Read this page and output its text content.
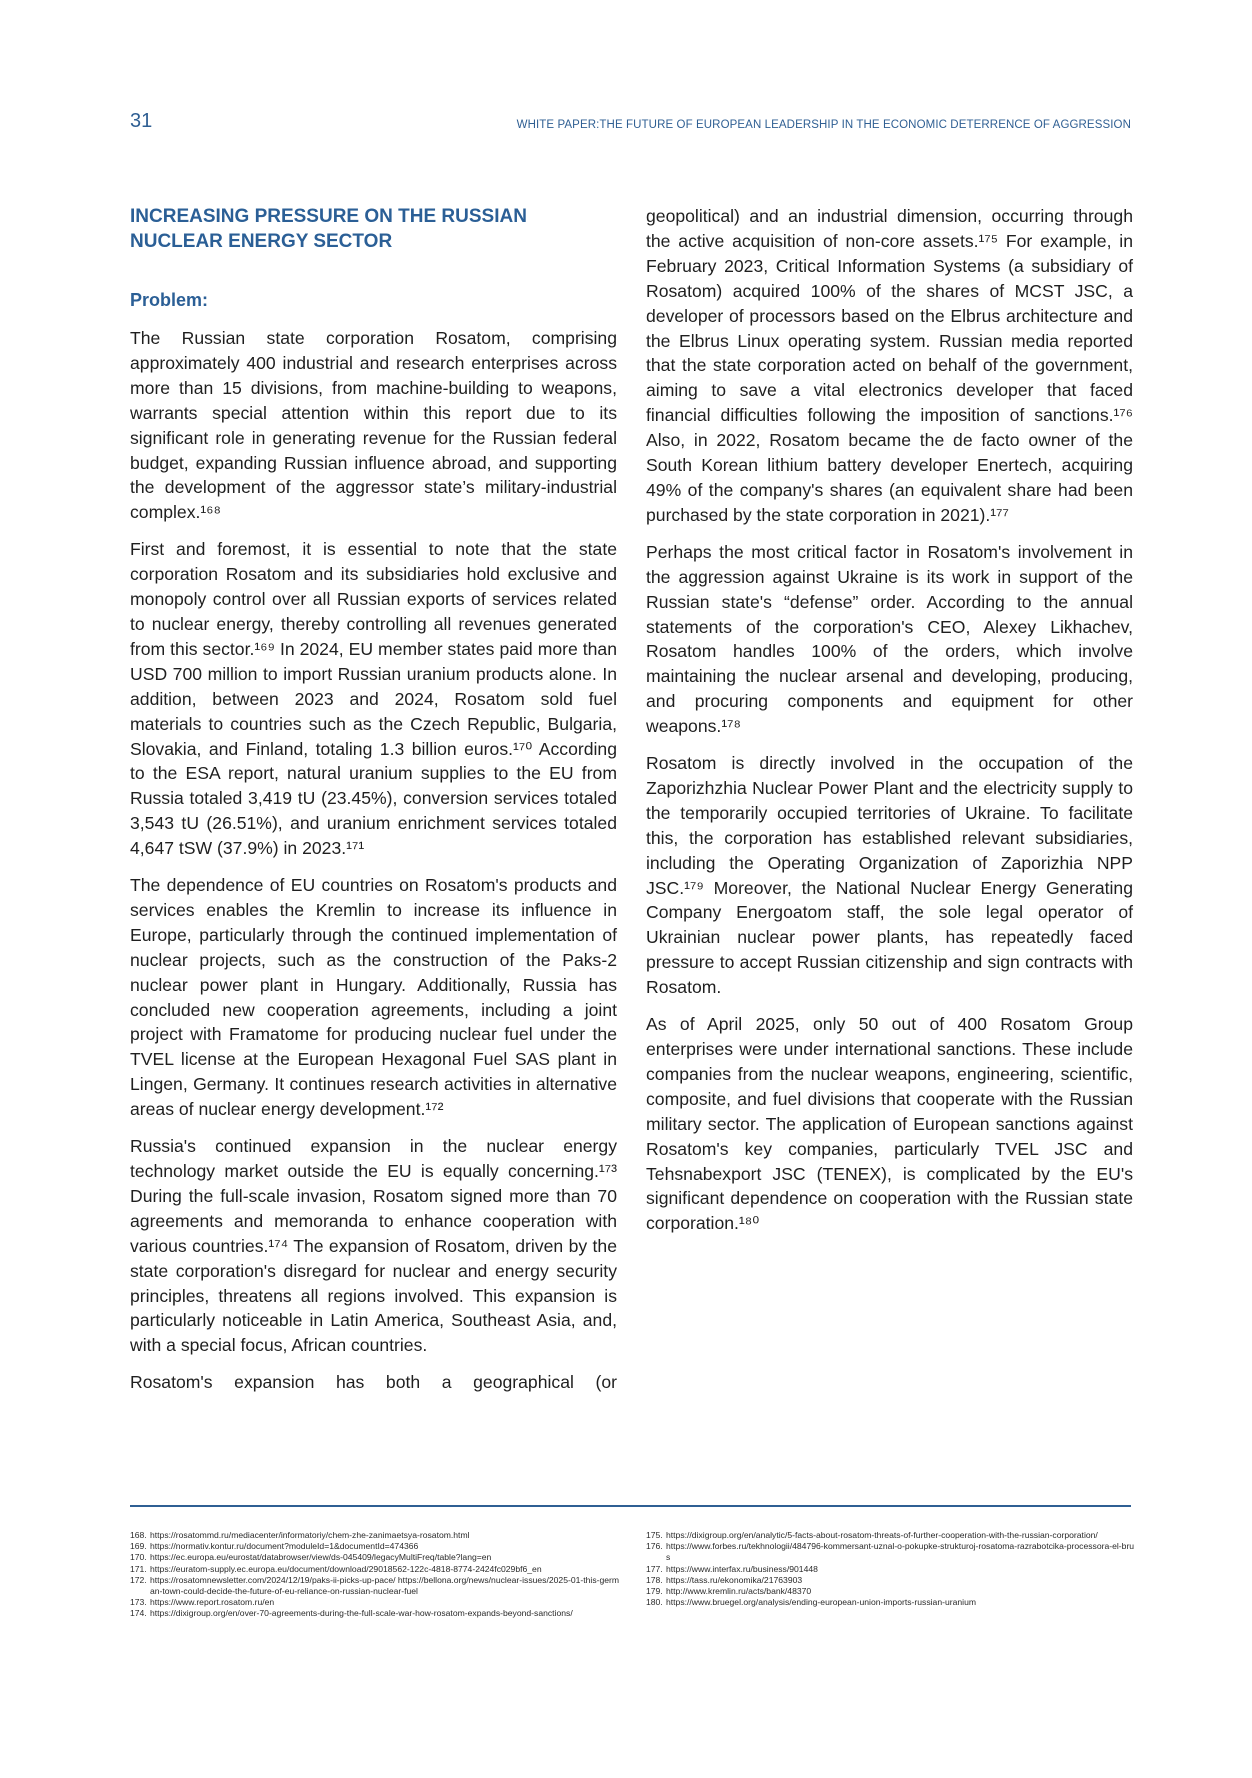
31	WHITE PAPER:THE FUTURE OF EUROPEAN LEADERSHIP IN THE ECONOMIC DETERRENCE OF AGGRESSION
INCREASING PRESSURE ON THE RUSSIAN NUCLEAR ENERGY SECTOR
Problem:

The Russian state corporation Rosatom, comprising approximately 400 industrial and research enterprises across more than 15 divisions, from machine-building to weapons, warrants special attention within this report due to its significant role in generating revenue for the Russian federal budget, expanding Russian influence abroad, and supporting the development of the aggressor state’s military-industrial complex.¹⁶⁸

First and foremost, it is essential to note that the state corporation Rosatom and its subsidiaries hold exclusive and monopoly control over all Russian exports of services related to nuclear energy, thereby controlling all revenues generated from this sector.¹⁶⁹ In 2024, EU member states paid more than USD 700 million to import Russian uranium products alone. In addition, between 2023 and 2024, Rosatom sold fuel materials to countries such as the Czech Republic, Bulgaria, Slovakia, and Finland, totaling 1.3 billion euros.¹⁷⁰ According to the ESA report, natural uranium supplies to the EU from Russia totaled 3,419 tU (23.45%), conversion services totaled 3,543 tU (26.51%), and uranium enrichment services totaled 4,647 tSW (37.9%) in 2023.¹⁷¹

The dependence of EU countries on Rosatom's products and services enables the Kremlin to increase its influence in Europe, particularly through the continued implementation of nuclear projects, such as the construction of the Paks-2 nuclear power plant in Hungary. Additionally, Russia has concluded new cooperation agreements, including a joint project with Framatome for producing nuclear fuel under the TVEL license at the European Hexagonal Fuel SAS plant in Lingen, Germany. It continues research activities in alternative areas of nuclear energy development.¹⁷²

Russia's continued expansion in the nuclear energy technology market outside the EU is equally concerning.¹⁷³ During the full-scale invasion, Rosatom signed more than 70 agreements and memoranda to enhance cooperation with various countries.¹⁷⁴ The expansion of Rosatom, driven by the state corporation's disregard for nuclear and energy security principles, threatens all regions involved. This expansion is particularly noticeable in Latin America, Southeast Asia, and, with a special focus, African countries.

Rosatom's expansion has both a geographical (or

geopolitical) and an industrial dimension, occurring through the active acquisition of non-core assets.¹⁷⁵ For example, in February 2023, Critical Information Systems (a subsidiary of Rosatom) acquired 100% of the shares of MCST JSC, a developer of processors based on the Elbrus architecture and the Elbrus Linux operating system. Russian media reported that the state corporation acted on behalf of the government, aiming to save a vital electronics developer that faced financial difficulties following the imposition of sanctions.¹⁷⁶ Also, in 2022, Rosatom became the de facto owner of the South Korean lithium battery developer Enertech, acquiring 49% of the company's shares (an equivalent share had been purchased by the state corporation in 2021).¹⁷⁷

Perhaps the most critical factor in Rosatom's involvement in the aggression against Ukraine is its work in support of the Russian state's “defense” order. According to the annual statements of the corporation's CEO, Alexey Likhachev, Rosatom handles 100% of the orders, which involve maintaining the nuclear arsenal and developing, producing, and procuring components and equipment for other weapons.¹⁷⁸

Rosatom is directly involved in the occupation of the Zaporizhzhia Nuclear Power Plant and the electricity supply to the temporarily occupied territories of Ukraine. To facilitate this, the corporation has established relevant subsidiaries, including the Operating Organization of Zaporizhia NPP JSC.¹⁷⁹ Moreover, the National Nuclear Energy Generating Company Energoatom staff, the sole legal operator of Ukrainian nuclear power plants, has repeatedly faced pressure to accept Russian citizenship and sign contracts with Rosatom.

As of April 2025, only 50 out of 400 Rosatom Group enterprises were under international sanctions. These include companies from the nuclear weapons, engineering, scientific, composite, and fuel divisions that cooperate with the Russian military sector. The application of European sanctions against Rosatom's key companies, particularly TVEL JSC and Tehsnabexport JSC (TENEX), is complicated by the EU's significant dependence on cooperation with the Russian state corporation.¹⁸⁰

168. https://rosatommd.ru/mediacenter/informatoriy/chem-zhe-zanimaetsya-rosatom.html
169. https://normativ.kontur.ru/document?moduleId=1&documentId=474366
170. https://ec.europa.eu/eurostat/databrowser/view/ds-045409/legacyMultiFreq/table?lang=en
171. https://euratom-supply.ec.europa.eu/document/download/29018562-122c-4818-8774-2424fc029bf6_en
172. https://rosatomnewsletter.com/2024/12/19/paks-ii-picks-up-pace/ https://bellona.org/news/nuclear-issues/2025-01-this-german-town-could-decide-the-future-of-eu-reliance-on-russian-nuclear-fuel
173. https://www.report.rosatom.ru/en
174. https://dixigroup.org/en/over-70-agreements-during-the-full-scale-war-how-rosatom-expands-beyond-sanctions/
175. https://dixigroup.org/en/analytic/5-facts-about-rosatom-threats-of-further-cooperation-with-the-russian-corporation/
176. https://www.forbes.ru/tekhnologii/484796-kommersant-uznal-o-pokupke-strukturoj-rosatoma-razrabotcika-processora-el-brus
177. https://www.interfax.ru/business/901448
178. https://tass.ru/ekonomika/21763903
179. http://www.kremlin.ru/acts/bank/48370
180. https://www.bruegel.org/analysis/ending-european-union-imports-russian-uranium
